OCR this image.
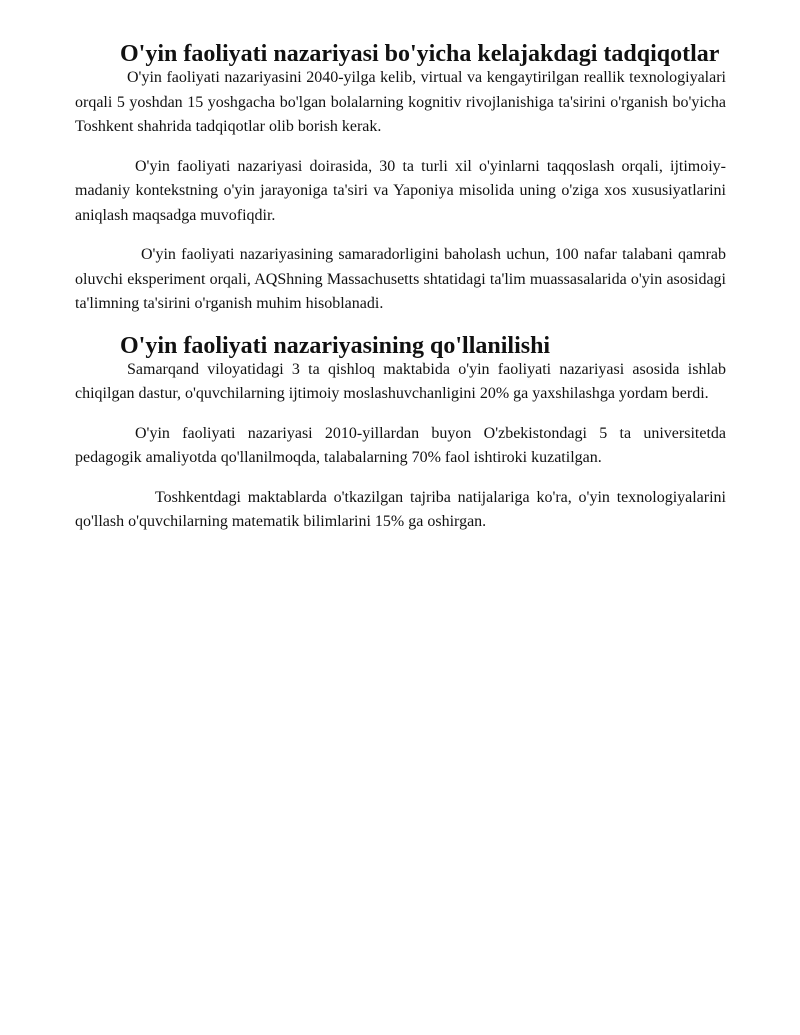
O'yin faoliyati nazariyasi bo'yicha kelajakdagi tadqiqotlar

O'yin faoliyati nazariyasini 2040-yilga kelib, virtual va kengaytirilgan reallik texnologiyalari orqali 5 yoshdan 15 yoshgacha bo'lgan bolalarning kognitiv rivojlanishiga ta'sirini o'rganish bo'yicha Toshkent shahrida tadqiqotlar olib borish kerak.

O'yin faoliyati nazariyasi doirasida, 30 ta turli xil o'yinlarni taqqoslash orqali, ijtimoiy-madaniy kontekstning o'yin jarayoniga ta'siri va Yaponiya misolida uning o'ziga xos xususiyatlarini aniqlash maqsadga muvofiqdir.

O'yin faoliyati nazariyasining samaradorligini baholash uchun, 100 nafar talabani qamrab oluvchi eksperiment orqali, AQShning Massachusetts shtatidagi ta'lim muassasalarida o'yin asosidagi ta'limning ta'sirini o'rganish muhim hisoblanadi.

O'yin faoliyati nazariyasining qo'llanilishi

Samarqand viloyatidagi 3 ta qishloq maktabida o'yin faoliyati nazariyasi asosida ishlab chiqilgan dastur, o'quvchilarning ijtimoiy moslashuvchanligini 20% ga yaxshilashga yordam berdi.

O'yin faoliyati nazariyasi 2010-yillardan buyon O'zbekistondagi 5 ta universitetda pedagogik amaliyotda qo'llanilmoqda, talabalarning 70% faol ishtiroki kuzatilgan.

Toshkentdagi maktablarda o'tkazilgan tajriba natijalariga ko'ra, o'yin texnologiyalarini qo'llash o'quvchilarning matematik bilimlarini 15% ga oshirgan.
